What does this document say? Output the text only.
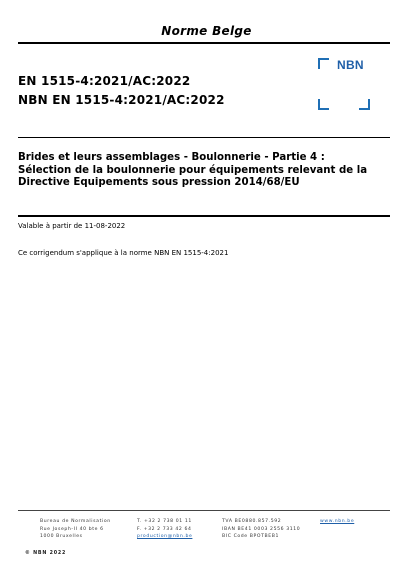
Norme Belge
EN 1515-4:2021/AC:2022
NBN EN 1515-4:2021/AC:2022
NBN
Brides et leurs assemblages - Boulonnerie - Partie 4 :
Sélection de la boulonnerie pour équipements relevant de la
Directive Equipements sous pression 2014/68/EU
Valable à partir de 11-08-2022
Ce corrigendum s'applique à la norme NBN EN 1515-4:2021
Bureau de Normalisation
Rue Joseph-II 40 bte 6
1000 Bruxelles
T. +32 2 738 01 11
F. +32 2 733 42 64
production@nbn.be
TVA BE0880.857.592
IBAN BE41 0003 2556 3110
BIC Code BPOTBEB1
www.nbn.be
© NBN 2022
